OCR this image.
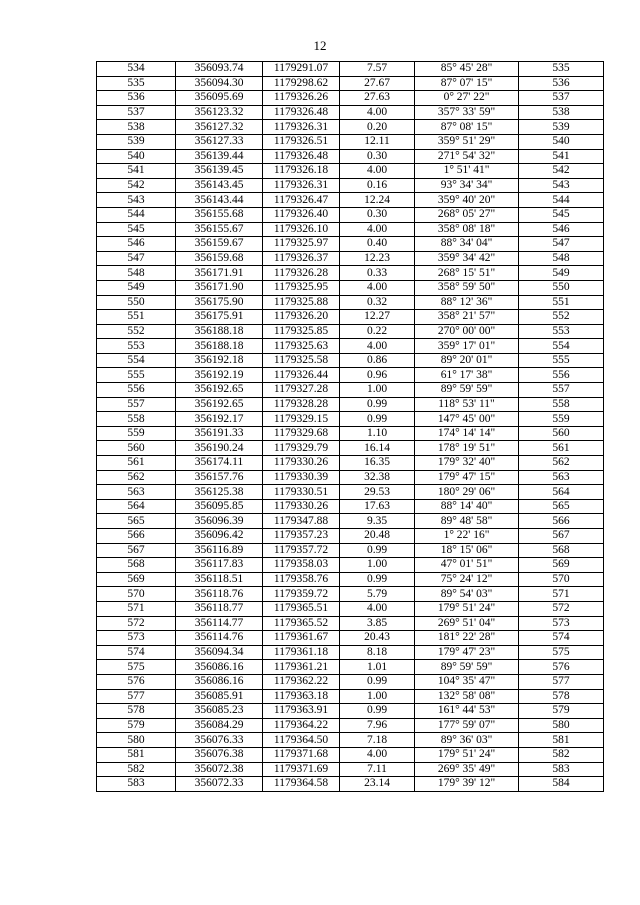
12
534	356093.74	1179291.07	7.57	85° 45' 28"	535
535	356094.30	1179298.62	27.67	87° 07' 15"	536
536	356095.69	1179326.26	27.63	0° 27' 22"	537
537	356123.32	1179326.48	4.00	357° 33' 59"	538
538	356127.32	1179326.31	0.20	87° 08' 15"	539
539	356127.33	1179326.51	12.11	359° 51' 29"	540
540	356139.44	1179326.48	0.30	271° 54' 32"	541
541	356139.45	1179326.18	4.00	1° 51' 41"	542
542	356143.45	1179326.31	0.16	93° 34' 34"	543
543	356143.44	1179326.47	12.24	359° 40' 20"	544
544	356155.68	1179326.40	0.30	268° 05' 27"	545
545	356155.67	1179326.10	4.00	358° 08' 18"	546
546	356159.67	1179325.97	0.40	88° 34' 04"	547
547	356159.68	1179326.37	12.23	359° 34' 42"	548
548	356171.91	1179326.28	0.33	268° 15' 51"	549
549	356171.90	1179325.95	4.00	358° 59' 50"	550
550	356175.90	1179325.88	0.32	88° 12' 36"	551
551	356175.91	1179326.20	12.27	358° 21' 57"	552
552	356188.18	1179325.85	0.22	270° 00' 00"	553
553	356188.18	1179325.63	4.00	359° 17' 01"	554
554	356192.18	1179325.58	0.86	89° 20' 01"	555
555	356192.19	1179326.44	0.96	61° 17' 38"	556
556	356192.65	1179327.28	1.00	89° 59' 59"	557
557	356192.65	1179328.28	0.99	118° 53' 11"	558
558	356192.17	1179329.15	0.99	147° 45' 00"	559
559	356191.33	1179329.68	1.10	174° 14' 14"	560
560	356190.24	1179329.79	16.14	178° 19' 51"	561
561	356174.11	1179330.26	16.35	179° 32' 40"	562
562	356157.76	1179330.39	32.38	179° 47' 15"	563
563	356125.38	1179330.51	29.53	180° 29' 06"	564
564	356095.85	1179330.26	17.63	88° 14' 40"	565
565	356096.39	1179347.88	9.35	89° 48' 58"	566
566	356096.42	1179357.23	20.48	1° 22' 16"	567
567	356116.89	1179357.72	0.99	18° 15' 06"	568
568	356117.83	1179358.03	1.00	47° 01' 51"	569
569	356118.51	1179358.76	0.99	75° 24' 12"	570
570	356118.76	1179359.72	5.79	89° 54' 03"	571
571	356118.77	1179365.51	4.00	179° 51' 24"	572
572	356114.77	1179365.52	3.85	269° 51' 04"	573
573	356114.76	1179361.67	20.43	181° 22' 28"	574
574	356094.34	1179361.18	8.18	179° 47' 23"	575
575	356086.16	1179361.21	1.01	89° 59' 59"	576
576	356086.16	1179362.22	0.99	104° 35' 47"	577
577	356085.91	1179363.18	1.00	132° 58' 08"	578
578	356085.23	1179363.91	0.99	161° 44' 53"	579
579	356084.29	1179364.22	7.96	177° 59' 07"	580
580	356076.33	1179364.50	7.18	89° 36' 03"	581
581	356076.38	1179371.68	4.00	179° 51' 24"	582
582	356072.38	1179371.69	7.11	269° 35' 49"	583
583	356072.33	1179364.58	23.14	179° 39' 12"	584
